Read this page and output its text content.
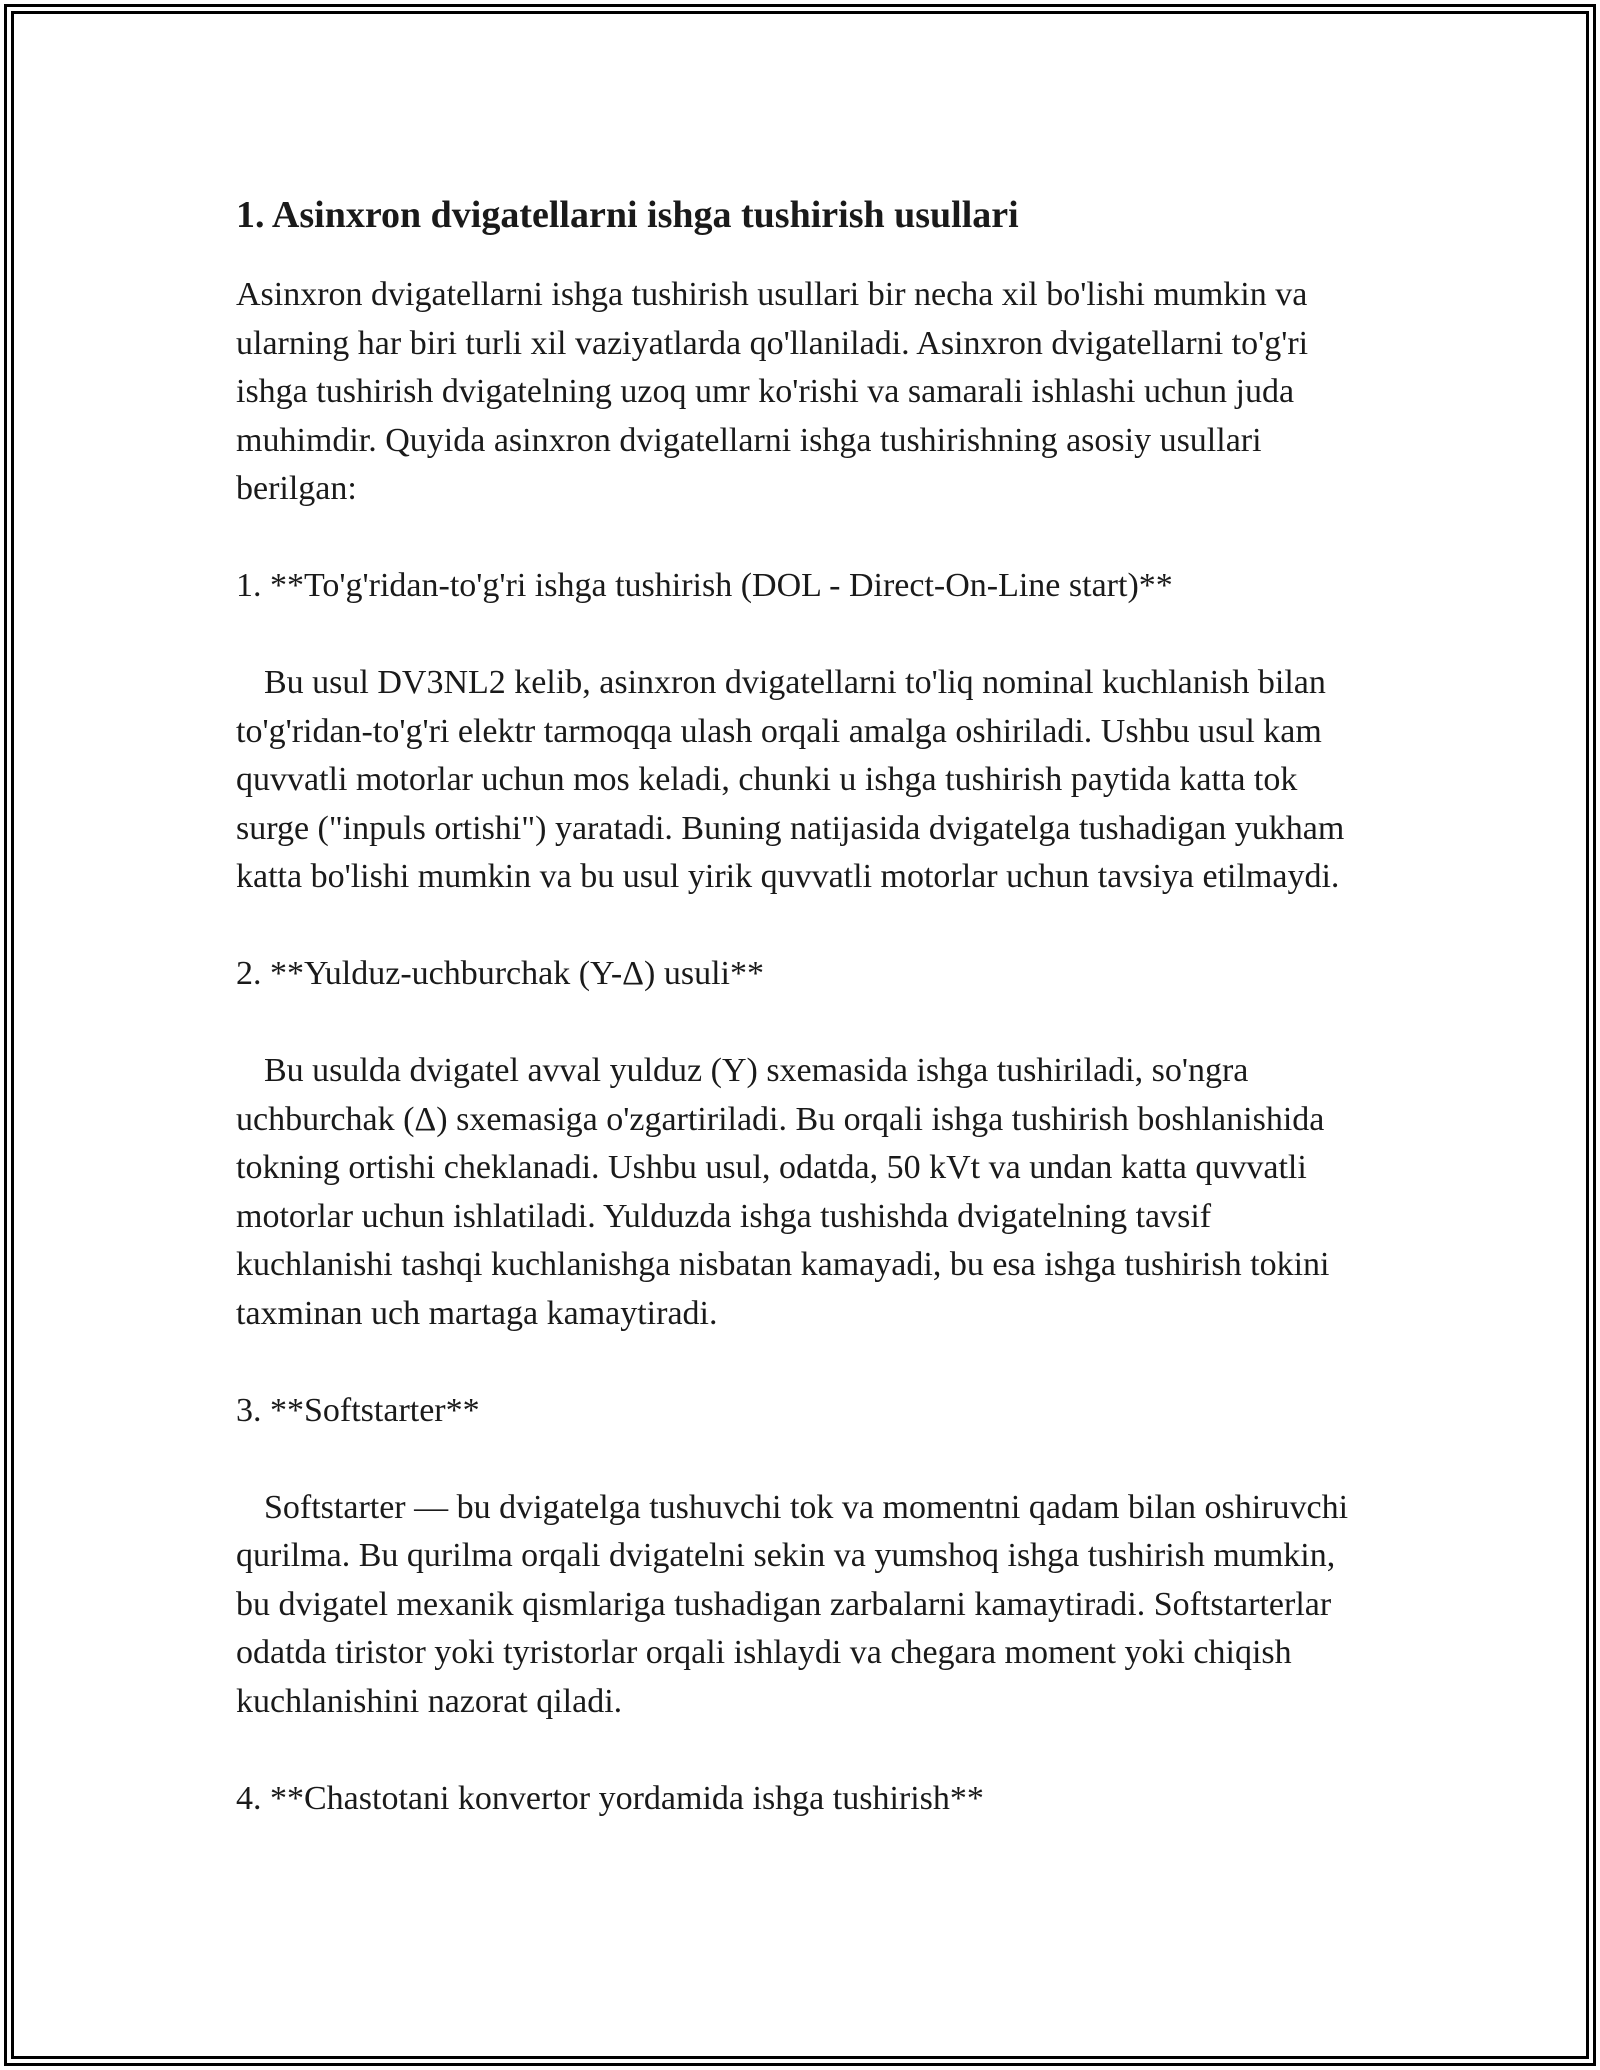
1. Asinxron dvigatellarni ishga tushirish usullari

Asinxron dvigatellarni ishga tushirish usullari bir necha xil bo'lishi mumkin va ularning har biri turli xil vaziyatlarda qo'llaniladi. Asinxron dvigatellarni to'g'ri ishga tushirish dvigatelning uzoq umr ko'rishi va samarali ishlashi uchun juda muhimdir. Quyida asinxron dvigatellarni ishga tushirishning asosiy usullari berilgan:

1. **To'g'ridan-to'g'ri ishga tushirish (DOL - Direct-On-Line start)**

Bu usul DV3NL2 kelib, asinxron dvigatellarni to'liq nominal kuchlanish bilan to'g'ridan-to'g'ri elektr tarmoqqa ulash orqali amalga oshiriladi. Ushbu usul kam quvvatli motorlar uchun mos keladi, chunki u ishga tushirish paytida katta tok surge ("inpuls ortishi") yaratadi. Buning natijasida dvigatelga tushadigan yukham katta bo'lishi mumkin va bu usul yirik quvvatli motorlar uchun tavsiya etilmaydi.

2. **Yulduz-uchburchak (Y-Δ) usuli**

Bu usulda dvigatel avval yulduz (Y) sxemasida ishga tushiriladi, so'ngra uchburchak (Δ) sxemasiga o'zgartiriladi. Bu orqali ishga tushirish boshlanishida tokning ortishi cheklanadi. Ushbu usul, odatda, 50 kVt va undan katta quvvatli motorlar uchun ishlatiladi. Yulduzda ishga tushishda dvigatelning tavsif kuchlanishi tashqi kuchlanishga nisbatan kamayadi, bu esa ishga tushirish tokini taxminan uch martaga kamaytiradi.

3. **Softstarter**

Softstarter — bu dvigatelga tushuvchi tok va momentni qadam bilan oshiruvchi qurilma. Bu qurilma orqali dvigatelni sekin va yumshoq ishga tushirish mumkin, bu dvigatel mexanik qismlariga tushadigan zarbalarni kamaytiradi. Softstarterlar odatda tiristor yoki tyristorlar orqali ishlaydi va chegara moment yoki chiqish kuchlanishini nazorat qiladi.

4. **Chastotani konvertor yordamida ishga tushirish**
